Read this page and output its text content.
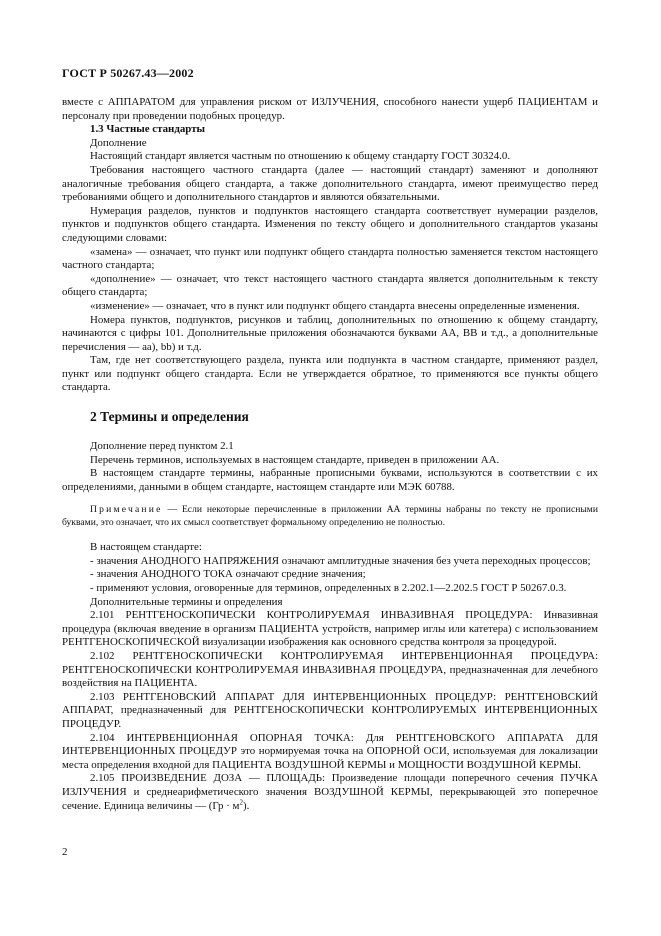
ГОСТ Р 50267.43—2002

вместе с АППАРАТОМ для управления риском от ИЗЛУЧЕНИЯ, способного нанести ущерб ПАЦИЕНТАМ и персоналу при проведении подобных процедур.

1.3 Частные стандарты

Дополнение

Настоящий стандарт является частным по отношению к общему стандарту ГОСТ 30324.0.

Требования настоящего частного стандарта (далее — настоящий стандарт) заменяют и дополняют аналогичные требования общего стандарта, а также дополнительного стандарта, имеют преимущество перед требованиями общего и дополнительного стандартов и являются обязательными.

Нумерация разделов, пунктов и подпунктов настоящего стандарта соответствует нумерации разделов, пунктов и подпунктов общего стандарта. Изменения по тексту общего и дополнительного стандартов указаны следующими словами:

«замена» — означает, что пункт или подпункт общего стандарта полностью заменяется текстом настоящего частного стандарта;

«дополнение» — означает, что текст настоящего частного стандарта является дополнительным к тексту общего стандарта;

«изменение» — означает, что в пункт или подпункт общего стандарта внесены определенные изменения.

Номера пунктов, подпунктов, рисунков и таблиц, дополнительных по отношению к общему стандарту, начинаются с цифры 101. Дополнительные приложения обозначаются буквами АА, ВВ и т.д., а дополнительные перечисления — аа), bb) и т.д.

Там, где нет соответствующего раздела, пункта или подпункта в частном стандарте, применяют раздел, пункт или подпункт общего стандарта. Если не утверждается обратное, то применяются все пункты общего стандарта.

2 Термины и определения

Дополнение перед пунктом 2.1

Перечень терминов, используемых в настоящем стандарте, приведен в приложении АА.

В настоящем стандарте термины, набранные прописными буквами, используются в соответствии с их определениями, данными в общем стандарте, настоящем стандарте или МЭК 60788.

Примечание — Если некоторые перечисленные в приложении АА термины набраны по тексту не прописными буквами, это означает, что их смысл соответствует формальному определению не полностью.

В настоящем стандарте:

- значения АНОДНОГО НАПРЯЖЕНИЯ означают амплитудные значения без учета переходных процессов;

- значения АНОДНОГО ТОКА означают средние значения;

- применяют условия, оговоренные для терминов, определенных в 2.202.1—2.202.5 ГОСТ Р 50267.0.3.

Дополнительные термины и определения

2.101 РЕНТГЕНОСКОПИЧЕСКИ КОНТРОЛИРУЕМАЯ ИНВАЗИВНАЯ ПРОЦЕДУРА: Инвазивная процедура (включая введение в организм ПАЦИЕНТА устройств, например иглы или катетера) с использованием РЕНТГЕНОСКОПИЧЕСКОЙ визуализации изображения как основного средства контроля за процедурой.

2.102 РЕНТГЕНОСКОПИЧЕСКИ КОНТРОЛИРУЕМАЯ ИНТЕРВЕНЦИОННАЯ ПРОЦЕДУРА: РЕНТГЕНОСКОПИЧЕСКИ КОНТРОЛИРУЕМАЯ ИНВАЗИВНАЯ ПРОЦЕДУРА, предназначенная для лечебного воздействия на ПАЦИЕНТА.

2.103 РЕНТГЕНОВСКИЙ АППАРАТ ДЛЯ ИНТЕРВЕНЦИОННЫХ ПРОЦЕДУР: РЕНТГЕНОВСКИЙ АППАРАТ, предназначенный для РЕНТГЕНОСКОПИЧЕСКИ КОНТРОЛИРУЕМЫХ ИНТЕРВЕНЦИОННЫХ ПРОЦЕДУР.

2.104 ИНТЕРВЕНЦИОННАЯ ОПОРНАЯ ТОЧКА: Для РЕНТГЕНОВСКОГО АППАРАТА ДЛЯ ИНТЕРВЕНЦИОННЫХ ПРОЦЕДУР это нормируемая точка на ОПОРНОЙ ОСИ, используемая для локализации места определения входной для ПАЦИЕНТА ВОЗДУШНОЙ КЕРМЫ и МОЩНОСТИ ВОЗДУШНОЙ КЕРМЫ.

2.105 ПРОИЗВЕДЕНИЕ ДОЗА — ПЛОЩАДЬ: Произведение площади поперечного сечения ПУЧКА ИЗЛУЧЕНИЯ и среднеарифметического значения ВОЗДУШНОЙ КЕРМЫ, перекрывающей это поперечное сечение. Единица величины — $(Гр \cdot м^2)$.

2
